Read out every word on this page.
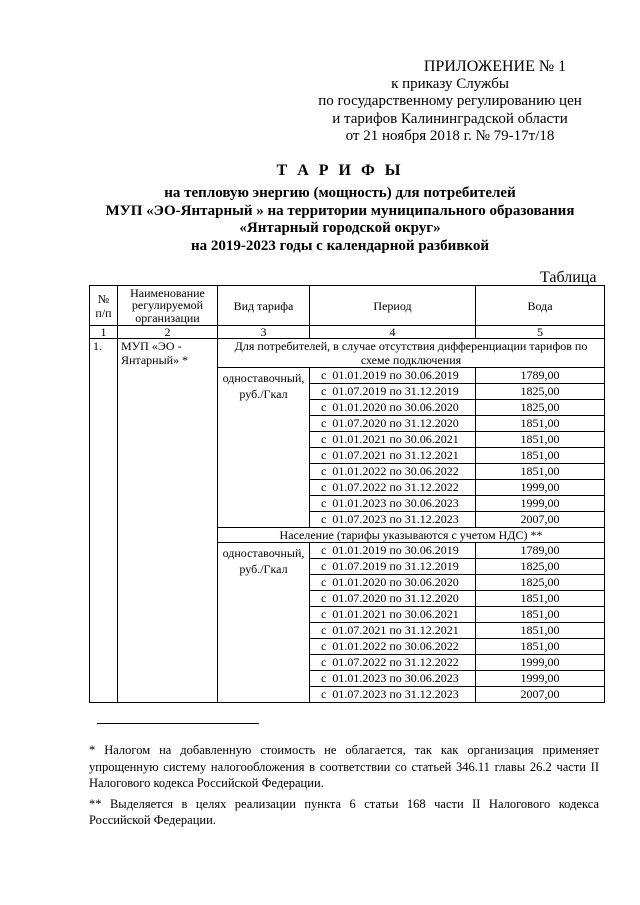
ПРИЛОЖЕНИЕ № 1
к приказу Службы
по государственному регулированию цен
и тарифов Калининградской области
от 21 ноября 2018 г. № 79-17т/18
Т А Р И Ф Ы
на тепловую энергию (мощность) для потребителей
МУП «ЭО-Янтарный » на территории муниципального образования
«Янтарный городской округ»
на 2019-2023 годы с календарной разбивкой
Таблица
№ п/п	Наименование регулируемой организации	Вид тарифа	Период	Вода
1	2	3	4	5
1.	МУП «ЭО - Янтарный» *	Для потребителей, в случае отсутствия дифференциации тарифов по схеме подключения		
		одноставочный, руб./Гкал	с 01.01.2019 по 30.06.2019	1789,00
			с 01.07.2019 по 31.12.2019	1825,00
			с 01.01.2020 по 30.06.2020	1825,00
			с 01.07.2020 по 31.12.2020	1851,00
			с 01.01.2021 по 30.06.2021	1851,00
			с 01.07.2021 по 31.12.2021	1851,00
			с 01.01.2022 по 30.06.2022	1851,00
			с 01.07.2022 по 31.12.2022	1999,00
			с 01.01.2023 по 30.06.2023	1999,00
			с 01.07.2023 по 31.12.2023	2007,00
		Население (тарифы указываются с учетом НДС) **		
		одноставочный, руб./Гкал	с 01.01.2019 по 30.06.2019	1789,00
			с 01.07.2019 по 31.12.2019	1825,00
			с 01.01.2020 по 30.06.2020	1825,00
			с 01.07.2020 по 31.12.2020	1851,00
			с 01.01.2021 по 30.06.2021	1851,00
			с 01.07.2021 по 31.12.2021	1851,00
			с 01.01.2022 по 30.06.2022	1851,00
			с 01.07.2022 по 31.12.2022	1999,00
			с 01.01.2023 по 30.06.2023	1999,00
			с 01.07.2023 по 31.12.2023	2007,00

* Налогом на добавленную стоимость не облагается, так как организация применяет упрощенную систему налогообложения в соответствии со статьей 346.11 главы 26.2 части II Налогового кодекса Российской Федерации.

** Выделяется в целях реализации пункта 6 статьи 168 части II Налогового кодекса Российской Федерации.
